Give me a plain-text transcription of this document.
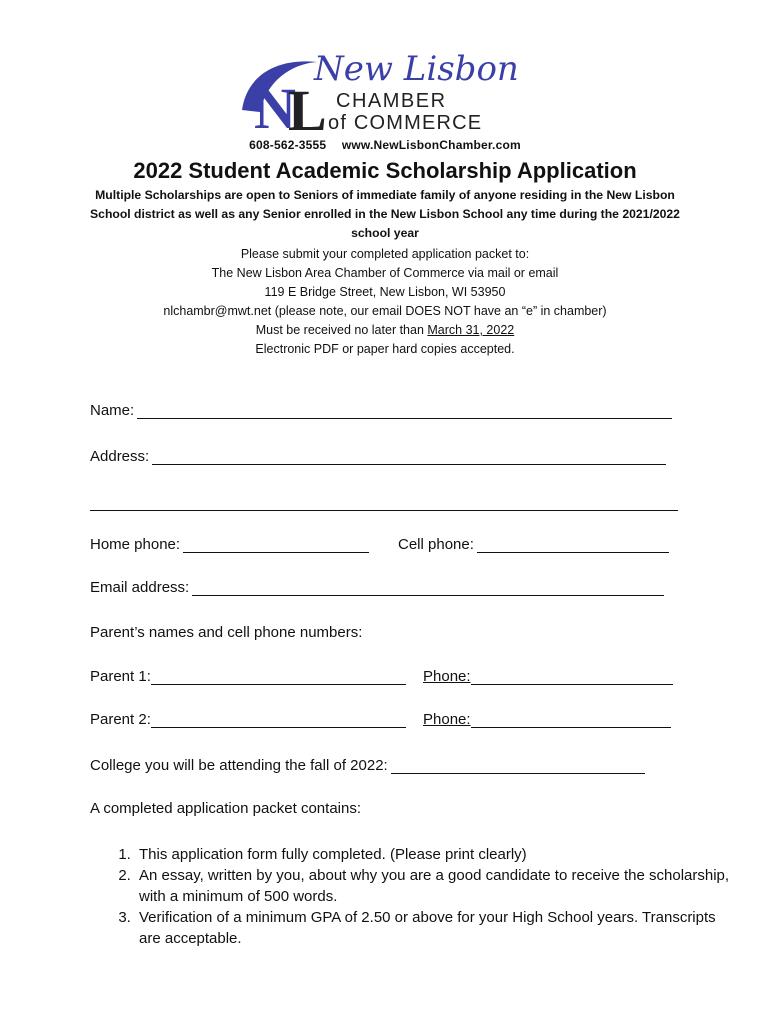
N
L
New Lisbon
CHAMBER
of COMMERCE
608-562-3555 www.NewLisbonChamber.com
2022 Student Academic Scholarship Application
Multiple Scholarships are open to Seniors of immediate family of anyone residing in the New Lisbon School district as well as any Senior enrolled in the New Lisbon School any time during the 2021/2022 school year
Please submit your completed application packet to:
The New Lisbon Area Chamber of Commerce via mail or email
119 E Bridge Street, New Lisbon, WI 53950
nlchambr@mwt.net (please note, our email DOES NOT have an “e” in chamber)
Must be received no later than March 31, 2022
Electronic PDF or paper hard copies accepted.
Name:
Address:
Home phone:	Cell phone:
Email address:
Parent’s names and cell phone numbers:
Parent 1:	Phone:
Parent 2:	Phone:
College you will be attending the fall of 2022:
A completed application packet contains:
1. This application form fully completed. (Please print clearly)
2. An essay, written by you, about why you are a good candidate to receive the scholarship, with a minimum of 500 words.
3. Verification of a minimum GPA of 2.50 or above for your High School years. Transcripts are acceptable.
